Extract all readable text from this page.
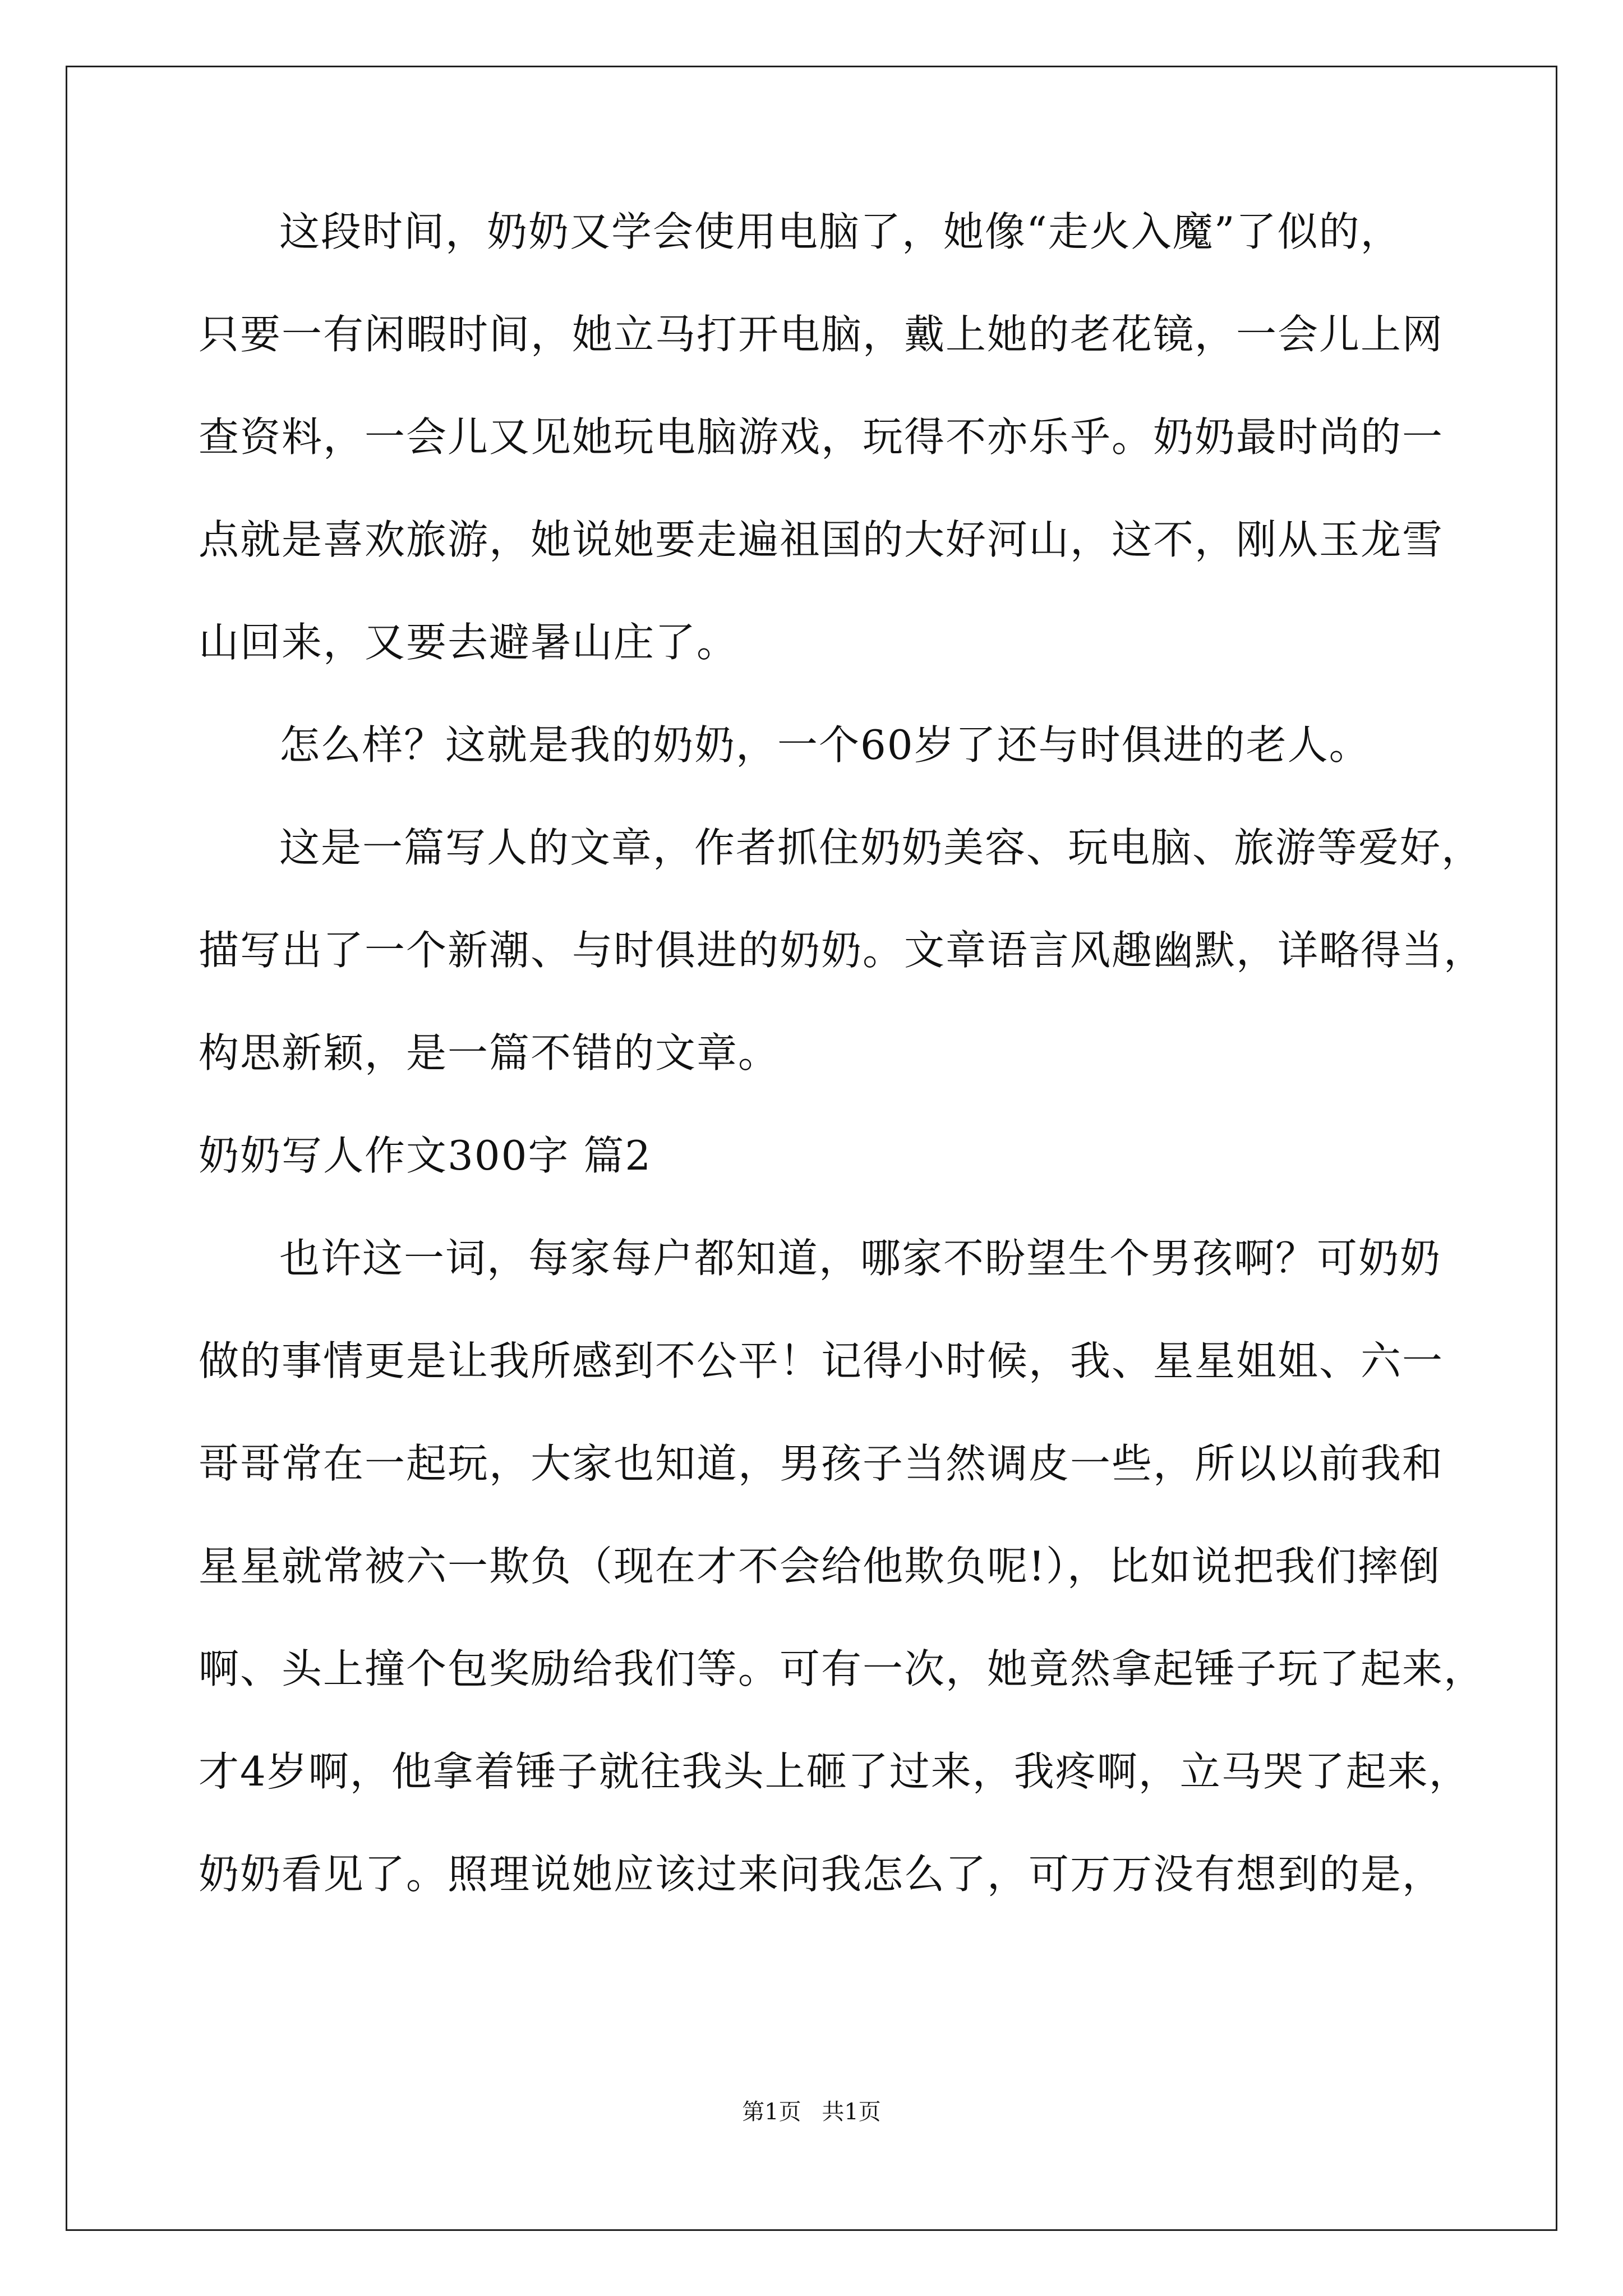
这段时间，奶奶又学会使用电脑了，她像“走火入魔”了似的，
只要一有闲暇时间，她立马打开电脑，戴上她的老花镜，一会儿上网
查资料，一会儿又见她玩电脑游戏，玩得不亦乐乎。奶奶最时尚的一
点就是喜欢旅游，她说她要走遍祖国的大好河山，这不，刚从玉龙雪
山回来，又要去避暑山庄了。
怎么样？这就是我的奶奶，一个60岁了还与时俱进的老人。
这是一篇写人的文章，作者抓住奶奶美容、玩电脑、旅游等爱好，
描写出了一个新潮、与时俱进的奶奶。文章语言风趣幽默，详略得当，
构思新颖，是一篇不错的文章。
奶奶写人作文300字 篇2
也许这一词，每家每户都知道，哪家不盼望生个男孩啊？可奶奶
做的事情更是让我所感到不公平！记得小时候，我、星星姐姐、六一
哥哥常在一起玩，大家也知道，男孩子当然调皮一些，所以以前我和
星星就常被六一欺负（现在才不会给他欺负呢!），比如说把我们摔倒
啊、头上撞个包奖励给我们等。可有一次，她竟然拿起锤子玩了起来，
才4岁啊，他拿着锤子就往我头上砸了过来，我疼啊，立马哭了起来，
奶奶看见了。照理说她应该过来问我怎么了，可万万没有想到的是，
第1页 共1页
